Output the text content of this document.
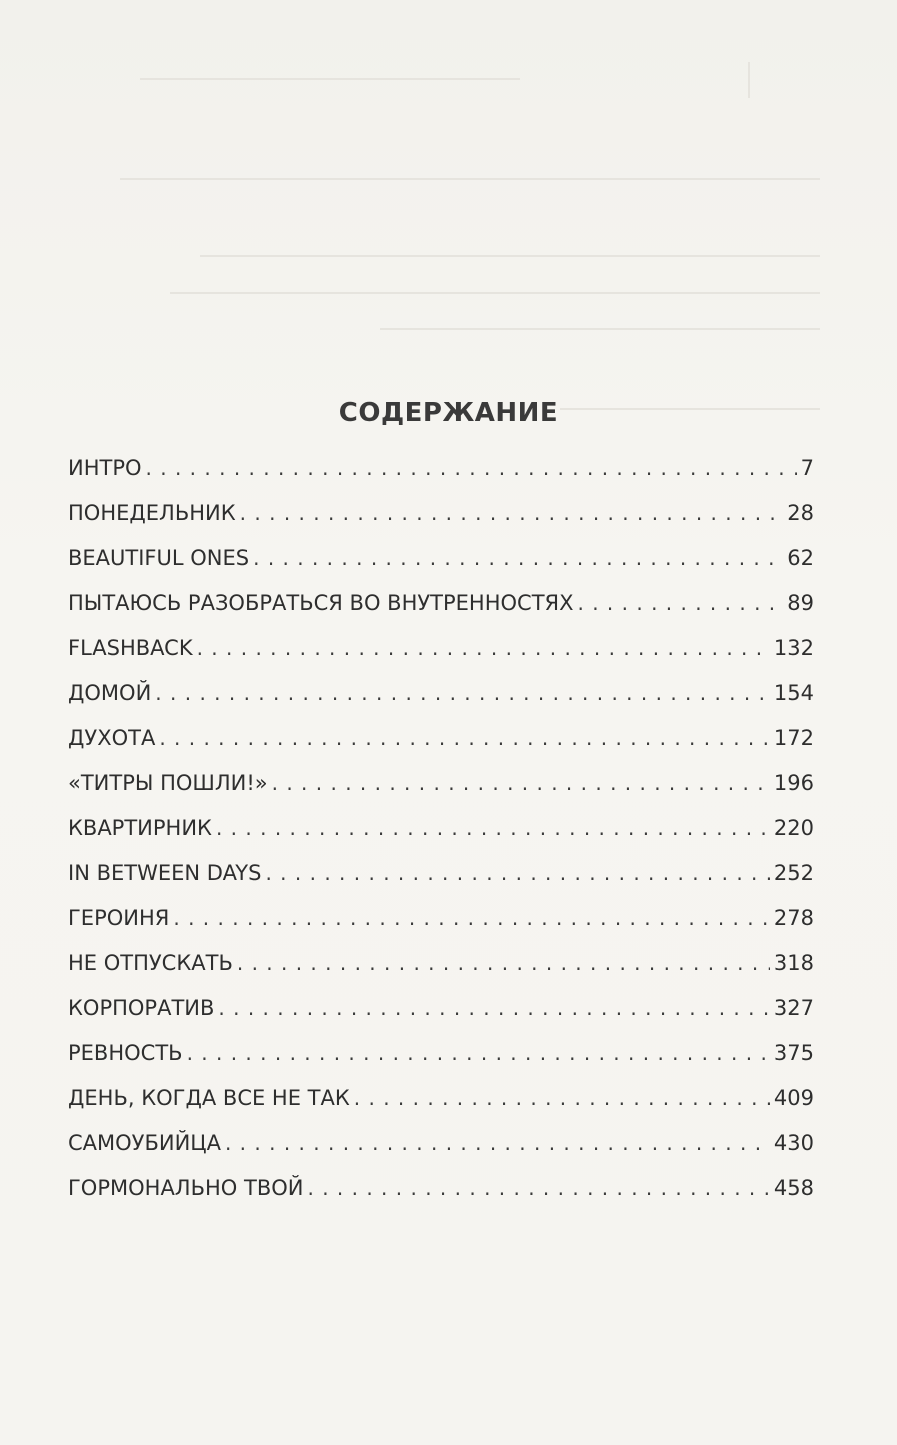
СОДЕРЖАНИЕ
ИНТРО . . .	7
ПОНЕДЕЛЬНИК . . .	28
BEAUTIFUL ONES . . .	62
ПЫТАЮСЬ РАЗОБРАТЬСЯ ВО ВНУТРЕННОСТЯХ . . .	89
FLASHBACK . . .	132
ДОМОЙ . . .	154
ДУХОТА . . .	172
«ТИТРЫ ПОШЛИ!» . . .	196
КВАРТИРНИК . . .	220
IN BETWEEN DAYS . . .	252
ГЕРОИНЯ . . .	278
НЕ ОТПУСКАТЬ . . .	318
КОРПОРАТИВ . . .	327
РЕВНОСТЬ . . .	375
ДЕНЬ, КОГДА ВСЕ НЕ ТАК . . .	409
САМОУБИЙЦА . . .	430
ГОРМОНАЛЬНО ТВОЙ . . .	458
